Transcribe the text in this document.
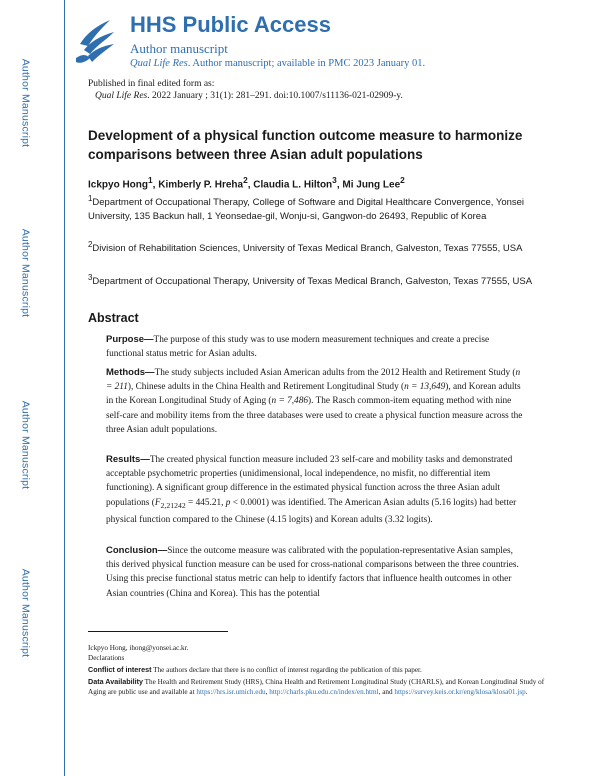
Author Manuscript
Author Manuscript
Author Manuscript
Author Manuscript
HHS Public Access
Author manuscript
Qual Life Res. Author manuscript; available in PMC 2023 January 01.
Published in final edited form as:
Qual Life Res. 2022 January ; 31(1): 281–291. doi:10.1007/s11136-021-02909-y.
Development of a physical function outcome measure to harmonize comparisons between three Asian adult populations
Ickpyo Hong$^1$, Kimberly P. Hreha$^2$, Claudia L. Hilton$^3$, Mi Jung Lee$^2$
$^1$Department of Occupational Therapy, College of Software and Digital Healthcare Convergence, Yonsei University, 135 Backun hall, 1 Yeonsedae-gil, Wonju-si, Gangwon-do 26493, Republic of Korea
$^2$Division of Rehabilitation Sciences, University of Texas Medical Branch, Galveston, Texas 77555, USA
$^3$Department of Occupational Therapy, University of Texas Medical Branch, Galveston, Texas 77555, USA
Abstract

Purpose—The purpose of this study was to use modern measurement techniques and create a precise functional status metric for Asian adults.

Methods—The study subjects included Asian American adults from the 2012 Health and Retirement Study (n = 211), Chinese adults in the China Health and Retirement Longitudinal Study (n = 13,649), and Korean adults in the Korean Longitudinal Study of Aging (n = 7,486). The Rasch common-item equating method with nine self-care and mobility items from the three databases were used to create a physical function measure across the three Asian adult populations.

Results—The created physical function measure included 23 self-care and mobility tasks and demonstrated acceptable psychometric properties (unidimensional, local independence, no misfit, no differential item functioning). A significant group difference in the estimated physical function across the three Asian adult populations ($F_{2,21242} = 445.21$, p < 0.0001) was identified. The American Asian adults (5.16 logits) had better physical function compared to the Chinese (4.15 logits) and Korean adults (3.32 logits).

Conclusion—Since the outcome measure was calibrated with the population-representative Asian samples, this derived physical function measure can be used for cross-national comparisons between the three countries. Using this precise functional status metric can help to identify factors that influence health outcomes in other Asian countries (China and Korea). This has the potential

Ickpyo Hong, ihong@yonsei.ac.kr.

Declarations

Conflict of interest The authors declare that there is no conflict of interest regarding the publication of this paper.

Data Availability The Health and Retirement Study (HRS), China Health and Retirement Longitudinal Study (CHARLS), and Korean Longitudinal Study of Aging are public use and available at https://hrs.isr.umich.edu, http://charls.pku.edu.cn/index/en.html, and https://survey.keis.or.kr/eng/klosa/klosa01.jsp.
